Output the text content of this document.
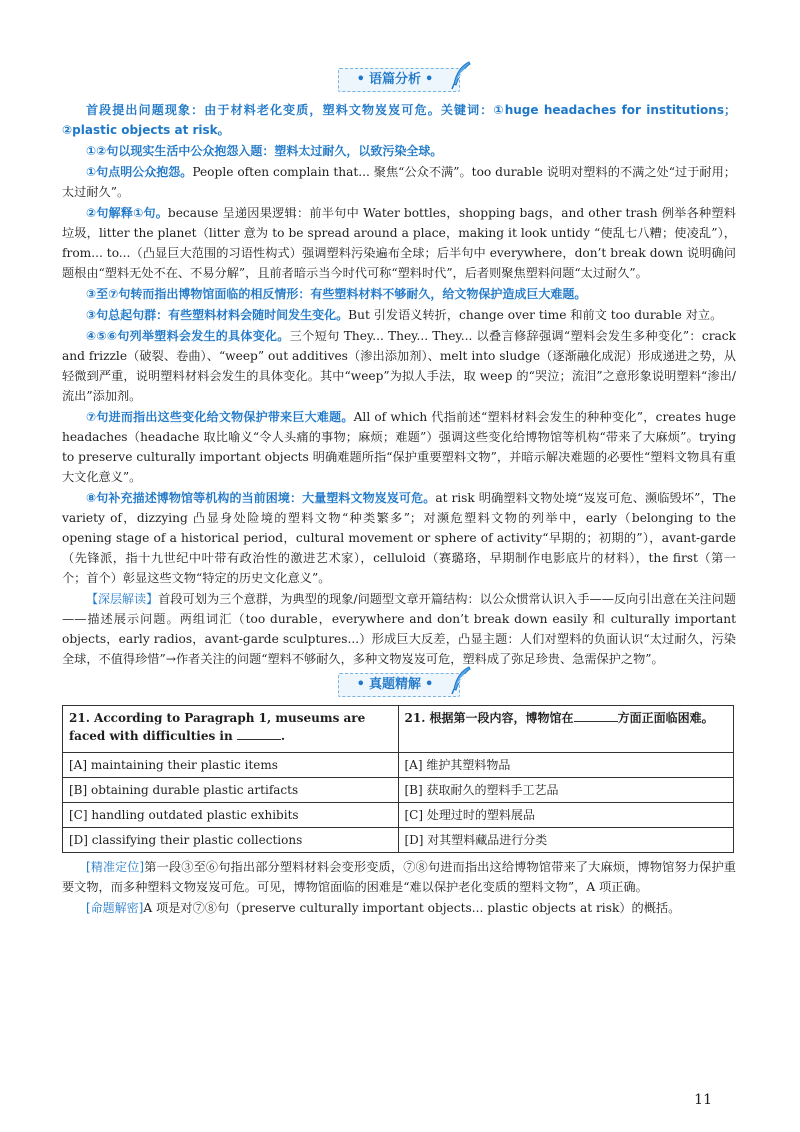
• 语篇分析 •

首段提出问题现象：由于材料老化变质，塑料文物岌岌可危。关键词：①huge headaches for institutions；②plastic objects at risk。

①②句以现实生活中公众抱怨入题：塑料太过耐久，以致污染全球。

①句点明公众抱怨。People often complain that... 聚焦“公众不满”。too durable 说明对塑料的不满之处“过于耐用；太过耐久”。

②句解释①句。because 呈递因果逻辑：前半句中 Water bottles，shopping bags，and other trash 例举各种塑料垃圾，litter the planet（litter 意为 to be spread around a place，making it look untidy “使乱七八糟；使凌乱”），from... to...（凸显巨大范围的习语性构式）强调塑料污染遍布全球；后半句中 everywhere，don’t break down 说明确问题根由“塑料无处不在、不易分解”，且前者暗示当今时代可称“塑料时代”，后者则聚焦塑料问题“太过耐久”。

③至⑦句转而指出博物馆面临的相反情形：有些塑料材料不够耐久，给文物保护造成巨大难题。

③句总起句群：有些塑料材料会随时间发生变化。But 引发语义转折，change over time 和前文 too durable 对立。

④⑤⑥句列举塑料会发生的具体变化。三个短句 They... They... They... 以叠言修辞强调“塑料会发生多种变化”：crack and frizzle（破裂、卷曲）、“weep” out additives（渗出添加剂）、melt into sludge（逐渐融化成泥）形成递进之势，从轻微到严重，说明塑料材料会发生的具体变化。其中“weep”为拟人手法，取 weep 的“哭泣；流泪”之意形象说明塑料“渗出/流出”添加剂。

⑦句进而指出这些变化给文物保护带来巨大难题。All of which 代指前述“塑料材料会发生的种种变化”，creates huge headaches（headache 取比喻义“令人头痛的事物；麻烦；难题”）强调这些变化给博物馆等机构“带来了大麻烦”。trying to preserve culturally important objects 明确难题所指“保护重要塑料文物”，并暗示解决难题的必要性“塑料文物具有重大文化意义”。

⑧句补充描述博物馆等机构的当前困境：大量塑料文物岌岌可危。at risk 明确塑料文物处境“岌岌可危、濒临毁坏”，The variety of，dizzying 凸显身处险境的塑料文物“种类繁多”；对濒危塑料文物的列举中，early（belonging to the opening stage of a historical period，cultural movement or sphere of activity“早期的；初期的”），avant-garde（先锋派，指十九世纪中叶带有政治性的激进艺术家），celluloid（赛璐珞，早期制作电影底片的材料），the first（第一个；首个）彰显这些文物“特定的历史文化意义”。

【深层解读】首段可划为三个意群，为典型的现象/问题型文章开篇结构：以公众惯常认识入手——反向引出意在关注问题——描述展示问题。两组词汇（too durable，everywhere and don’t break down easily 和 culturally important objects，early radios，avant-garde sculptures...）形成巨大反差，凸显主题：人们对塑料的负面认识“太过耐久，污染全球，不值得珍惜”→作者关注的问题“塑料不够耐久，多种文物岌岌可危，塑料成了弥足珍贵、急需保护之物”。

• 真题精解 •
21. According to Paragraph 1, museums are faced with difficulties in .	21. 根据第一段内容，博物馆在 方面正面临困难。
[A] maintaining their plastic items	[A] 维护其塑料物品
[B] obtaining durable plastic artifacts	[B] 获取耐久的塑料手工艺品
[C] handling outdated plastic exhibits	[C] 处理过时的塑料展品
[D] classifying their plastic collections	[D] 对其塑料藏品进行分类

[精准定位]第一段③至⑥句指出部分塑料材料会变形变质，⑦⑧句进而指出这给博物馆带来了大麻烦，博物馆努力保护重要文物，而多种塑料文物岌岌可危。可见，博物馆面临的困难是“难以保护老化变质的塑料文物”，A 项正确。

[命题解密]A 项是对⑦⑧句（preserve culturally important objects... plastic objects at risk）的概括。

11
